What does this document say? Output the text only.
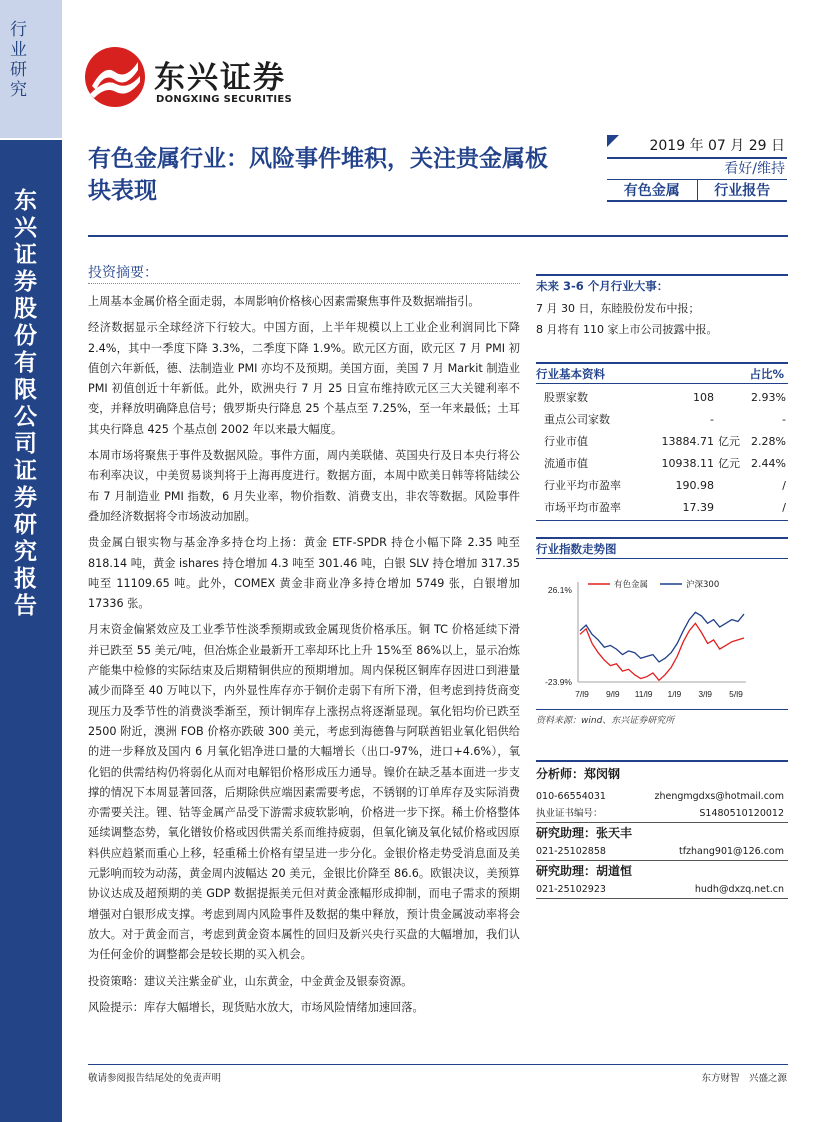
行业研究
东兴证券股份有限公司证券研究报告
东兴证券
DONGXING SECURITIES
有色金属行业：风险事件堆积，关注贵金属板块表现
2019 年 07 月 29 日
看好/维持
有色金属	行业报告
投资摘要：

上周基本金属价格全面走弱，本周影响价格核心因素需聚焦事件及数据端指引。

经济数据显示全球经济下行较大。中国方面，上半年规模以上工业企业利润同比下降 2.4%，其中一季度下降 3.3%，二季度下降 1.9%。欧元区方面，欧元区 7 月 PMI 初值创六年新低，德、法制造业 PMI 亦均不及预期。美国方面，美国 7 月 Markit 制造业 PMI 初值创近十年新低。此外，欧洲央行 7 月 25 日宣布维持欧元区三大关键利率不变，并释放明确降息信号；俄罗斯央行降息 25 个基点至 7.25%，至一年来最低；土耳其央行降息 425 个基点创 2002 年以来最大幅度。

本周市场将聚焦于事件及数据风险。事件方面，周内美联储、英国央行及日本央行将公布利率决议，中美贸易谈判将于上海再度进行。数据方面，本周中欧美日韩等将陆续公布 7 月制造业 PMI 指数，6 月失业率，物价指数、消费支出，非农等数据。风险事件叠加经济数据将令市场波动加剧。

贵金属白银实物与基金净多持仓均上扬：黄金 ETF-SPDR 持仓小幅下降 2.35 吨至 818.14 吨，黄金 ishares 持仓增加 4.3 吨至 301.46 吨，白银 SLV 持仓增加 317.35 吨至 11109.65 吨。此外，COMEX 黄金非商业净多持仓增加 5749 张，白银增加 17336 张。

月末资金偏紧效应及工业季节性淡季预期或致金属现货价格承压。铜 TC 价格延续下滑并已跌至 55 美元/吨，但冶炼企业最新开工率却环比上升 15%至 86%以上，显示冶炼产能集中检修的实际结束及后期精铜供应的预期增加。周内保税区铜库存因进口到港量减少而降至 40 万吨以下，内外显性库存亦于铜价走弱下有所下滑，但考虑到持货商变现压力及季节性的消费淡季渐至，预计铜库存上涨拐点将逐渐显现。氧化铝均价已跌至 2500 附近，澳洲 FOB 价格亦跌破 300 美元，考虑到海德鲁与阿联酋铝业氧化铝供给的进一步释放及国内 6 月氧化铝净进口量的大幅增长（出口-97%，进口+4.6%），氧化铝的供需结构仍将弱化从而对电解铝价格形成压力通导。镍价在缺乏基本面进一步支撑的情况下本周显著回落，后期除供应端因素需要考虑，不锈钢的订单库存及实际消费亦需要关注。锂、钴等金属产品受下游需求疲软影响，价格进一步下探。稀土价格整体延续调整态势，氧化镨钕价格或因供需关系而维持疲弱，但氧化镝及氧化铽价格或因原料供应趋紧而重心上移，轻重稀土价格有望呈进一步分化。金银价格走势受消息面及美元影响而较为动荡，黄金周内波幅达 20 美元，金银比价降至 86.6。欧银决议，美预算协议达成及超预期的美 GDP 数据提振美元但对黄金涨幅形成抑制，而电子需求的预期增强对白银形成支撑。考虑到周内风险事件及数据的集中释放，预计贵金属波动率将会放大。对于黄金而言，考虑到黄金资本属性的回归及新兴央行买盘的大幅增加，我们认为任何金价的调整都会是较长期的买入机会。

投资策略：建议关注紫金矿业，山东黄金，中金黄金及银泰资源。

风险提示：库存大幅增长，现货贴水放大，市场风险情绪加速回落。

未来 3-6 个月行业大事：
7 月 30 日，东睦股份发布中报；
8 月将有 110 家上市公司披露中报。
行业基本资料	占比%
股票家数	108		2.93%
重点公司家数	-		-
行业市值	13884.71	亿元	2.28%
流通市值	10938.11	亿元	2.44%
行业平均市盈率	190.98		/
市场平均市盈率	17.39		/
行业指数走势图
26.1%
-23.9%
7/l9 9/l9 11/l9 1/l9 3/l9 5/l9
有色金属	沪深300
资料来源：wind、东兴证券研究所
分析师：郑闵钢
010-66554031	zhengmgdxs@hotmail.com
执业证书编号：	S1480510120012
研究助理：张天丰
021-25102858	tfzhang901@126.com
研究助理：胡道恒
021-25102923	hudh@dxzq.net.cn
敬请参阅报告结尾处的免责声明	东方财智　兴盛之源
